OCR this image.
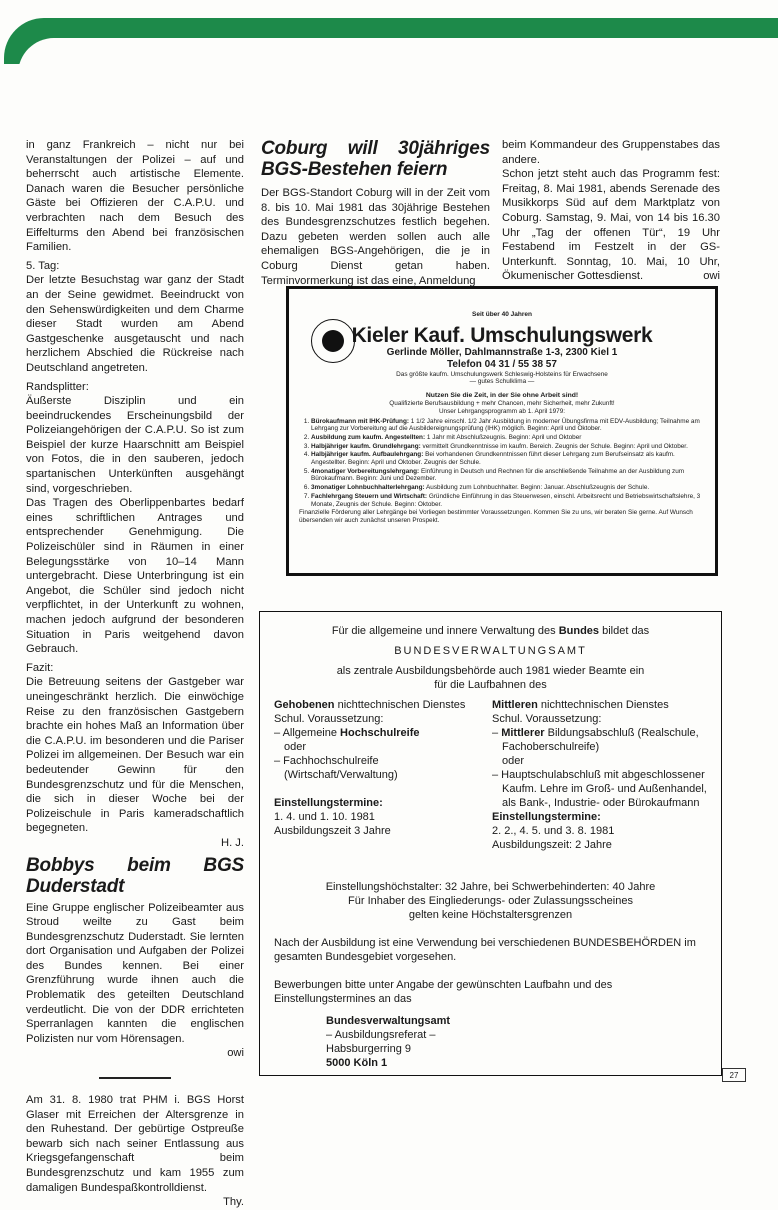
in ganz Frankreich – nicht nur bei Veranstaltungen der Polizei – auf und beherrscht auch artistische Elemente. Danach waren die Besucher persönliche Gäste bei Offizieren der C.A.P.U. und verbrachten nach dem Besuch des Eiffelturms den Abend bei französischen Familien.

5. Tag:

Der letzte Besuchstag war ganz der Stadt an der Seine gewidmet. Beeindruckt von den Sehenswürdigkeiten und dem Charme dieser Stadt wurden am Abend Gastgeschenke ausgetauscht und nach herzlichem Abschied die Rückreise nach Deutschland angetreten.

Randsplitter:

Äußerste Disziplin und ein beeindruckendes Erscheinungsbild der Polizeiangehörigen der C.A.P.U. So ist zum Beispiel der kurze Haarschnitt am Beispiel von Fotos, die in den sauberen, jedoch spartanischen Unterkünften ausgehängt sind, vorgeschrieben.

Das Tragen des Oberlippenbartes bedarf eines schriftlichen Antrages und entsprechender Genehmigung. Die Polizeischüler sind in Räumen in einer Belegungsstärke von 10–14 Mann untergebracht. Diese Unterbringung ist ein Angebot, die Schüler sind jedoch nicht verpflichtet, in der Unterkunft zu wohnen, machen jedoch aufgrund der besonderen Situation in Paris weitgehend davon Gebrauch.

Fazit:

Die Betreuung seitens der Gastgeber war uneingeschränkt herzlich. Die einwöchige Reise zu den französischen Gastgebern brachte ein hohes Maß an Information über die C.A.P.U. im besonderen und die Pariser Polizei im allgemeinen. Der Besuch war ein bedeutender Gewinn für den Bundesgrenzschutz und für die Menschen, die sich in dieser Woche bei der Polizeischule in Paris kameradschaftlich begegneten.

H. J.

Bobbys beim BGS Duderstadt

Eine Gruppe englischer Polizeibeamter aus Stroud weilte zu Gast beim Bundesgrenzschutz Duderstadt. Sie lernten dort Organisation und Aufgaben der Polizei des Bundes kennen. Bei einer Grenzführung wurde ihnen auch die Problematik des geteilten Deutschland verdeutlicht. Die von der DDR errichteten Sperranlagen kannten die englischen Polizisten nur vom Hörensagen.

owi

Am 31. 8. 1980 trat PHM i. BGS Horst Glaser mit Erreichen der Altersgrenze in den Ruhestand. Der gebürtige Ostpreuße bewarb sich nach seiner Entlassung aus Kriegsgefangenschaft beim Bundesgrenzschutz und kam 1955 zum damaligen Bundespaßkontrolldienst.

Thy.

Coburg will 30jähriges BGS-Bestehen feiern

Der BGS-Standort Coburg will in der Zeit vom 8. bis 10. Mai 1981 das 30jährige Bestehen des Bundesgrenzschutzes festlich begehen. Dazu gebeten werden sollen auch alle ehemaligen BGS-Angehörigen, die je in Coburg Dienst getan haben. Terminvormerkung ist das eine, Anmeldung

beim Kommandeur des Gruppenstabes das andere.

Schon jetzt steht auch das Programm fest: Freitag, 8. Mai 1981, abends Serenade des Musikkorps Süd auf dem Marktplatz von Coburg. Samstag, 9. Mai, von 14 bis 16.30 Uhr „Tag der offenen Tür“, 19 Uhr Festabend im Festzelt in der GS-Unterkunft. Sonntag, 10. Mai, 10 Uhr, Ökumenischer Gottesdienst.	owi

Seit über 40 Jahren
Kieler Kauf. Umschulungswerk
Gerlinde Möller, Dahlmannstraße 1-3, 2300 Kiel 1
Telefon 04 31 / 55 38 57
Das größte kaufm. Umschulungswerk Schleswig-Holsteins für Erwachsene
— gutes Schulklima —
Nutzen Sie die Zeit, in der Sie ohne Arbeit sind!
Qualifizierte Berufsausbildung + mehr Chancen, mehr Sicherheit, mehr Zukunft!
Unser Lehrgangsprogramm ab 1. April 1979:
1. Bürokaufmann mit IHK-Prüfung: 1 1/2 Jahre einschl. 1/2 Jahr Ausbildung in moderner Übungsfirma mit EDV-Ausbildung; Teilnahme am Lehrgang zur Vorbereitung auf die Ausbildereignungsprüfung (IHK) möglich. Beginn: April und Oktober.
2. Ausbildung zum kaufm. Angestellten: 1 Jahr mit Abschlußzeugnis. Beginn: April und Oktober
3. Halbjähriger kaufm. Grundlehrgang: vermittelt Grundkenntnisse im kaufm. Bereich. Zeugnis der Schule. Beginn: April und Oktober.
4. Halbjähriger kaufm. Aufbaulehrgang: Bei vorhandenen Grundkenntnissen führt dieser Lehrgang zum Berufseinsatz als kaufm. Angestellter. Beginn: April und Oktober. Zeugnis der Schule.
5. 4monatiger Vorbereitungslehrgang: Einführung in Deutsch und Rechnen für die anschließende Teilnahme an der Ausbildung zum Bürokaufmann. Beginn: Juni und Dezember.
6. 3monatiger Lohnbuchhalterlehrgang: Ausbildung zum Lohnbuchhalter. Beginn: Januar. Abschlußzeugnis der Schule.
7. Fachlehrgang Steuern und Wirtschaft: Gründliche Einführung in das Steuerwesen, einschl. Arbeitsrecht und Betriebswirtschaftslehre, 3 Monate, Zeugnis der Schule. Beginn: Oktober.
Finanzielle Förderung aller Lehrgänge bei Vorliegen bestimmter Voraussetzungen. Kommen Sie zu uns, wir beraten Sie gerne. Auf Wunsch übersenden wir auch zunächst unseren Prospekt.
Für die allgemeine und innere Verwaltung des Bundes bildet das
BUNDESVERWALTUNGSAMT
als zentrale Ausbildungsbehörde auch 1981 wieder Beamte ein
für die Laufbahnen des
Gehobenen nichttechnischen Dienstes
Schul. Voraussetzung:
– Allgemeine Hochschulreife
oder
– Fachhochschulreife
(Wirtschaft/Verwaltung)
Einstellungstermine:
1. 4. und 1. 10. 1981
Ausbildungszeit 3 Jahre
Mittleren nichttechnischen Dienstes
Schul. Voraussetzung:
– Mittlerer Bildungsabschluß (Realschule, Fachoberschulreife)
oder
– Hauptschulabschluß mit abgeschlossener Kaufm. Lehre im Groß- und Außenhandel, als Bank-, Industrie- oder Bürokaufmann
Einstellungstermine:
2. 2., 4. 5. und 3. 8. 1981
Ausbildungszeit: 2 Jahre
Einstellungshöchstalter: 32 Jahre, bei Schwerbehinderten: 40 Jahre
Für Inhaber des Eingliederungs- oder Zulassungsscheines
gelten keine Höchstaltersgrenzen
Nach der Ausbildung ist eine Verwendung bei verschiedenen BUNDESBEHÖRDEN im gesamten Bundesgebiet vorgesehen.
Bewerbungen bitte unter Angabe der gewünschten Laufbahn und des Einstellungstermines an das
Bundesverwaltungsamt
– Ausbildungsreferat –
Habsburgerring 9
5000 Köln 1
27
